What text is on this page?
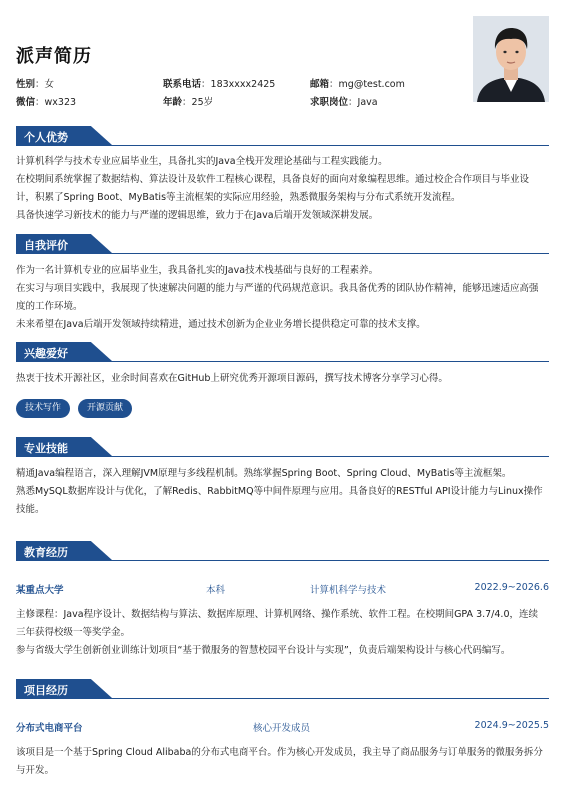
派声简历
性别：女	联系电话：183xxxx2425	邮箱：mg@test.com
微信：wx323	年龄：25岁	求职岗位：Java
个人优势

计算机科学与技术专业应届毕业生，具备扎实的Java全栈开发理论基础与工程实践能力。

在校期间系统掌握了数据结构、算法设计及软件工程核心课程，具备良好的面向对象编程思维。通过校企合作项目与毕业设

计，积累了Spring Boot、MyBatis等主流框架的实际应用经验，熟悉微服务架构与分布式系统开发流程。

具备快速学习新技术的能力与严谨的逻辑思维，致力于在Java后端开发领域深耕发展。

自我评价

作为一名计算机专业的应届毕业生，我具备扎实的Java技术栈基础与良好的工程素养。

在实习与项目实践中，我展现了快速解决问题的能力与严谨的代码规范意识。我具备优秀的团队协作精神，能够迅速适应高强

度的工作环境。

未来希望在Java后端开发领域持续精进，通过技术创新为企业业务增长提供稳定可靠的技术支撑。

兴趣爱好

热衷于技术开源社区，业余时间喜欢在GitHub上研究优秀开源项目源码，撰写技术博客分享学习心得。

技术写作	开源贡献
专业技能

精通Java编程语言，深入理解JVM原理与多线程机制。熟练掌握Spring Boot、Spring Cloud、MyBatis等主流框架。

熟悉MySQL数据库设计与优化，了解Redis、RabbitMQ等中间件原理与应用。具备良好的RESTful API设计能力与Linux操作

技能。

教育经历
某重点大学	本科	计算机科学与技术	2022.9~2026.6

主修课程：Java程序设计、数据结构与算法、数据库原理、计算机网络、操作系统、软件工程。在校期间GPA 3.7/4.0，连续

三年获得校级一等奖学金。

参与省级大学生创新创业训练计划项目“基于微服务的智慧校园平台设计与实现”，负责后端架构设计与核心代码编写。

项目经历
分布式电商平台	核心开发成员	2024.9~2025.5

该项目是一个基于Spring Cloud Alibaba的分布式电商平台。作为核心开发成员，我主导了商品服务与订单服务的微服务拆分

与开发。
